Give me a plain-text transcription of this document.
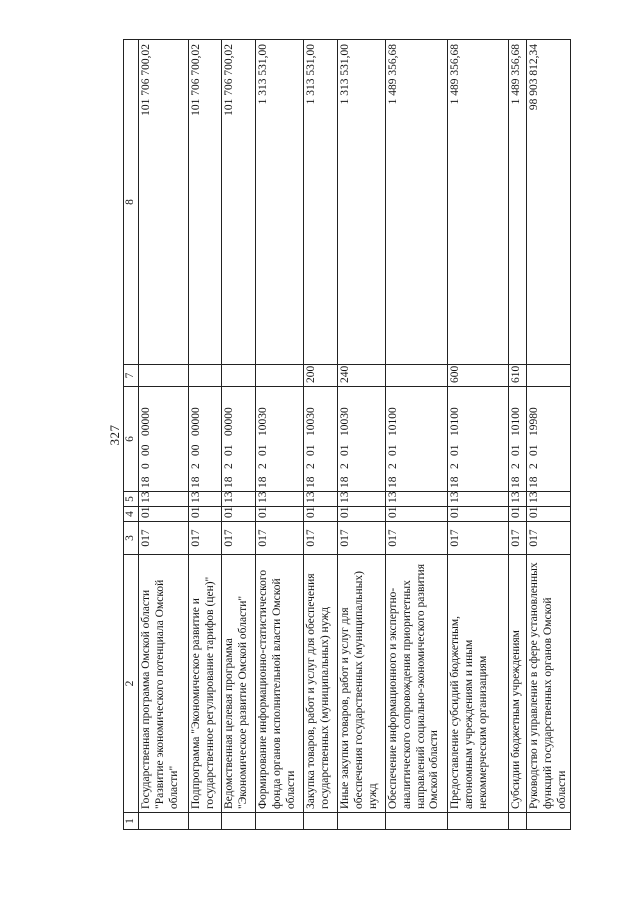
327
1	2	3	4	5	6	7	8
	Государственная программа Омской области "Развитие экономического потенциала Омской области"	017	01	13	1800000000		101 706 700,02
	Подпрограмма "Экономическое развитие и государственное регулирование тарифов (цен)"	017	01	13	1820000000		101 706 700,02
	Ведомственная целевая программа "Экономическое развитие Омской области"	017	01	13	1820100000		101 706 700,02
	Формирование информационно-статистического фонда органов исполнительной власти Омской области	017	01	13	1820110030		1 313 531,00
	Закупка товаров, работ и услуг для обеспечения государственных (муниципальных) нужд	017	01	13	1820110030	200	1 313 531,00
	Иные закупки товаров, работ и услуг для обеспечения государственных (муниципальных) нужд	017	01	13	1820110030	240	1 313 531,00
	Обеспечение информационного и экспертно-аналитического сопровождения приоритетных направлений социально-экономического развития Омской области	017	01	13	1820110100		1 489 356,68
	Предоставление субсидий бюджетным, автономным учреждениям и иным некоммерческим организациям	017	01	13	1820110100	600	1 489 356,68
	Субсидии бюджетным учреждениям	017	01	13	1820110100	610	1 489 356,68
	Руководство и управление в сфере установленных функций государственных органов Омской области	017	01	13	1820119980		98 903 812,34
